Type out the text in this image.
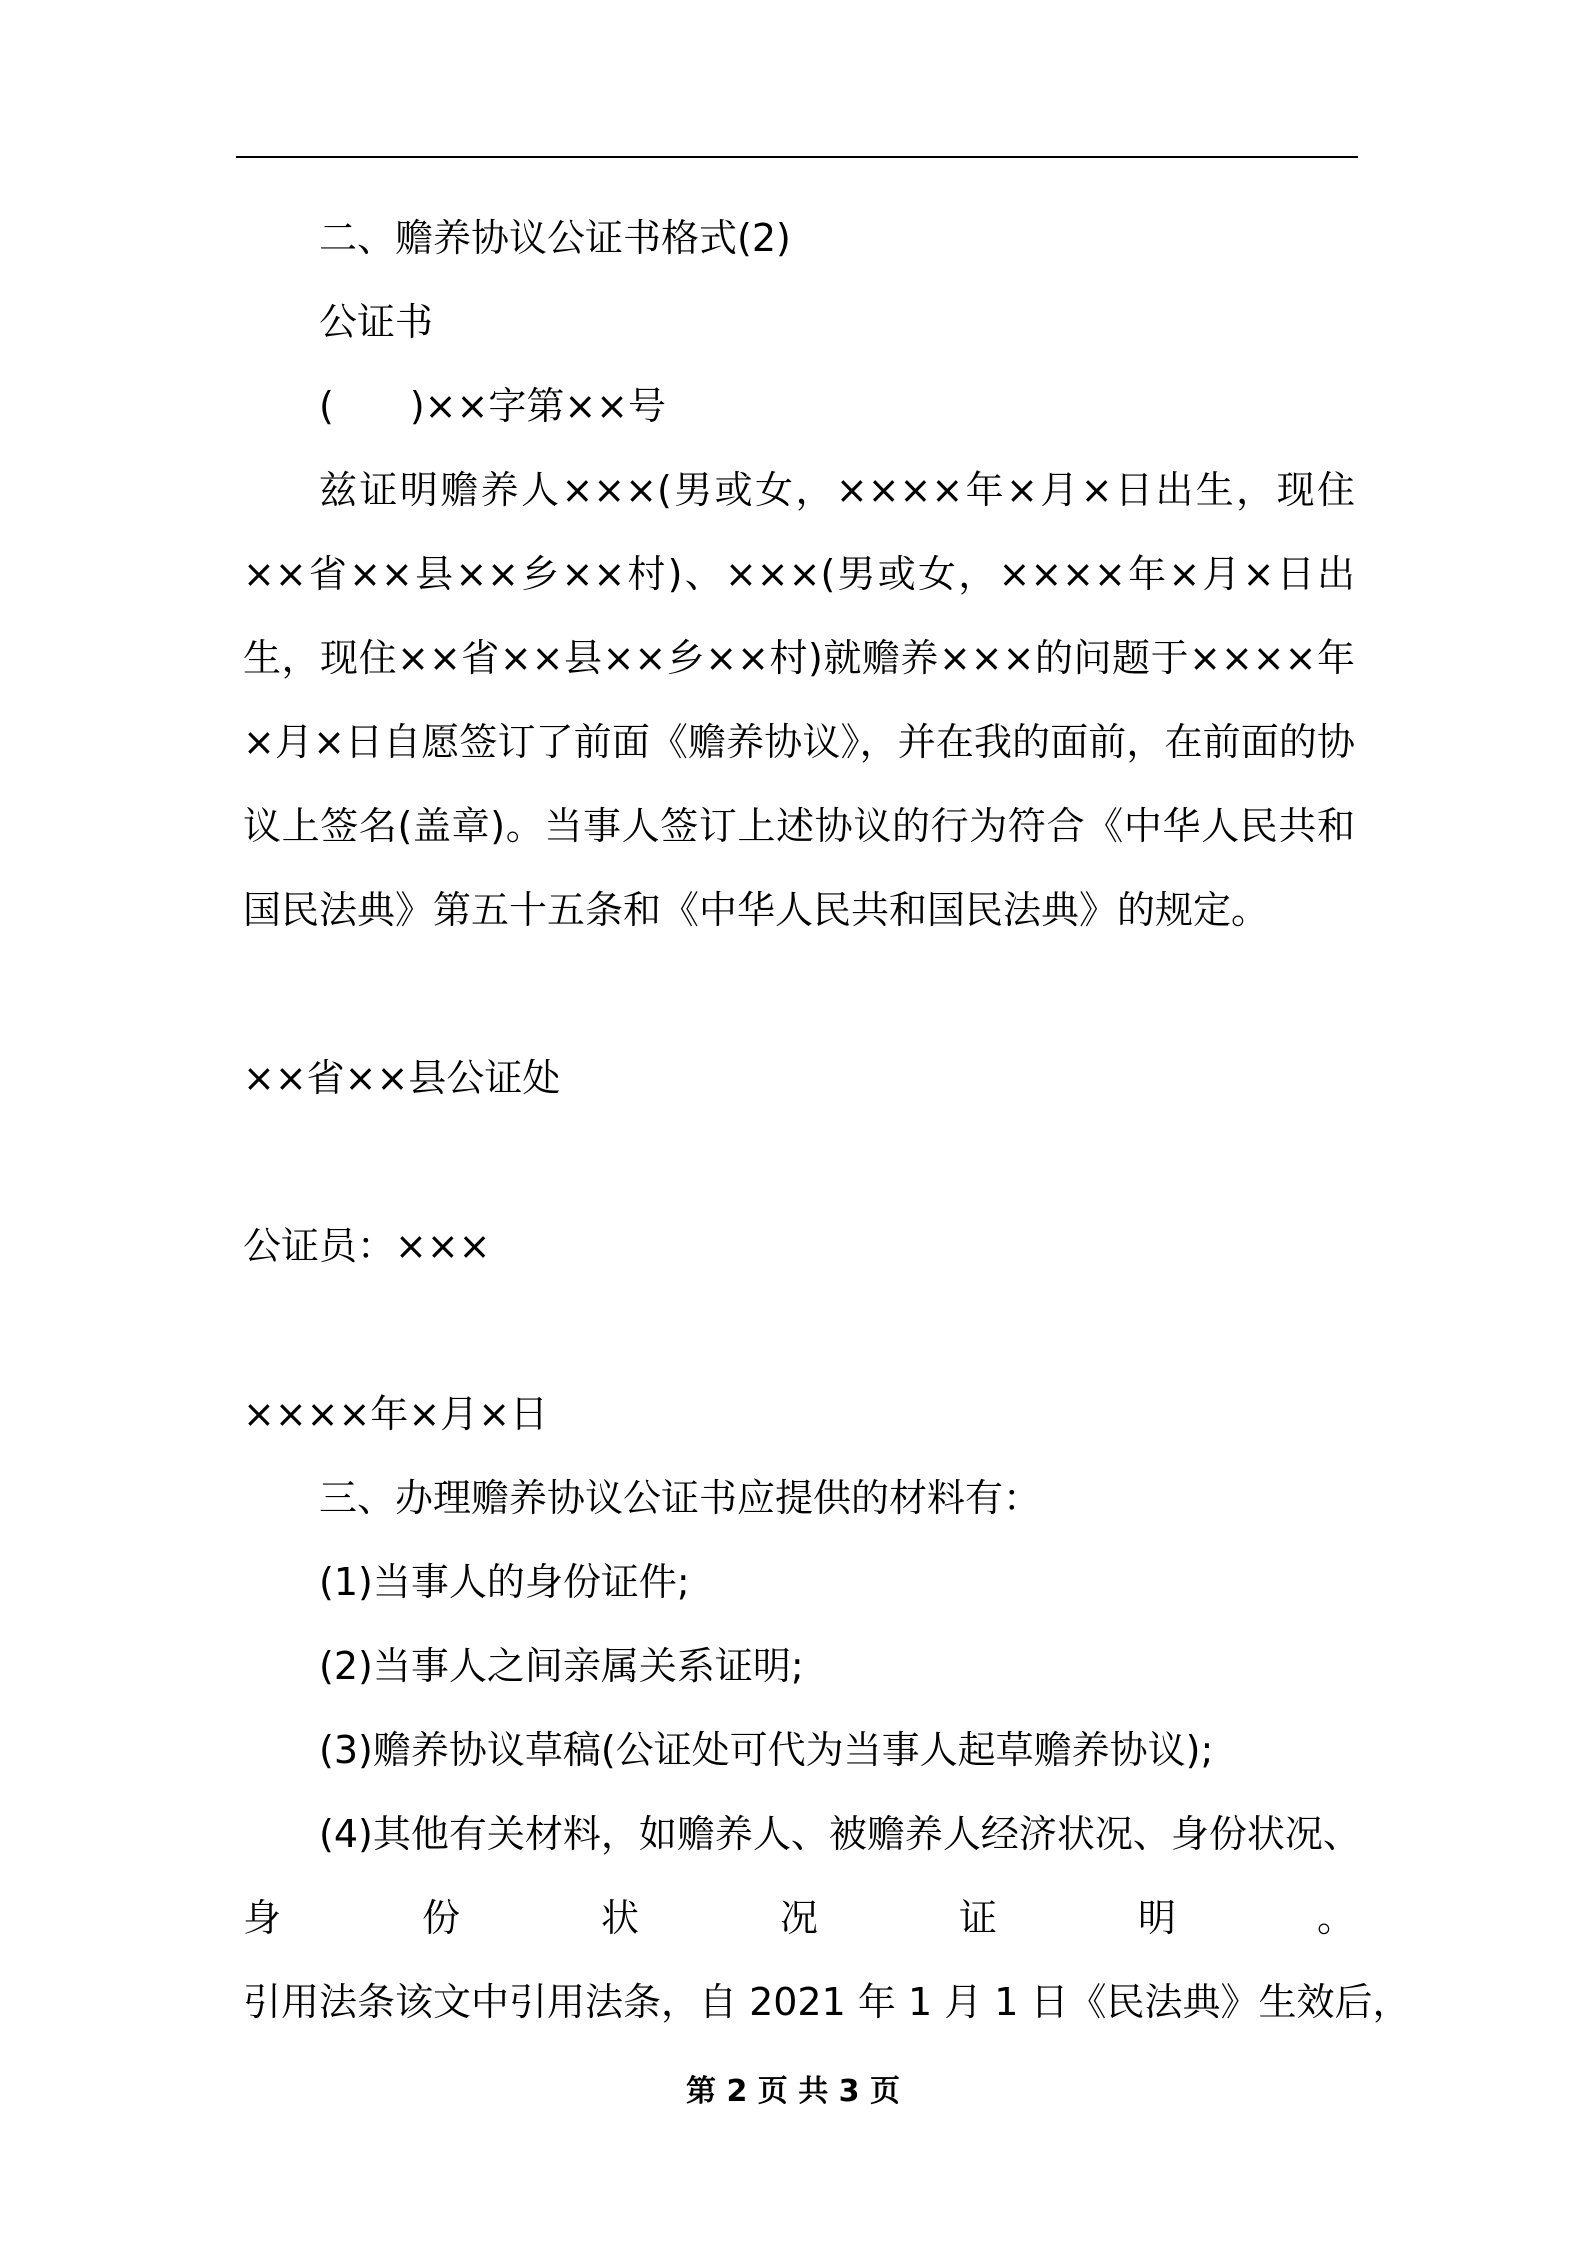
二、赡养协议公证书格式(2)

公证书

(　　)××字第××号

兹证明赡养人×××(男或女，××××年×月×日出生，现住××省××县××乡××村)、×××(男或女，××××年×月×日出生，现住××省××县××乡××村)就赡养×××的问题于××××年×月×日自愿签订了前面《赡养协议》，并在我的面前，在前面的协议上签名(盖章)。当事人签订上述协议的行为符合《中华人民共和国民法典》第五十五条和《中华人民共和国民法典》的规定。

××省××县公证处

公证员：×××

××××年×月×日

三、办理赡养协议公证书应提供的材料有：

(1)当事人的身份证件;

(2)当事人之间亲属关系证明;

(3)赡养协议草稿(公证处可代为当事人起草赡养协议);

(4)其他有关材料，如赡养人、被赡养人经济状况、身份状况、

身　份　状　况　证　明　。

引用法条该文中引用法条，自 2021 年 1 月 1 日《民法典》生效后，

第 2 页 共 3 页
